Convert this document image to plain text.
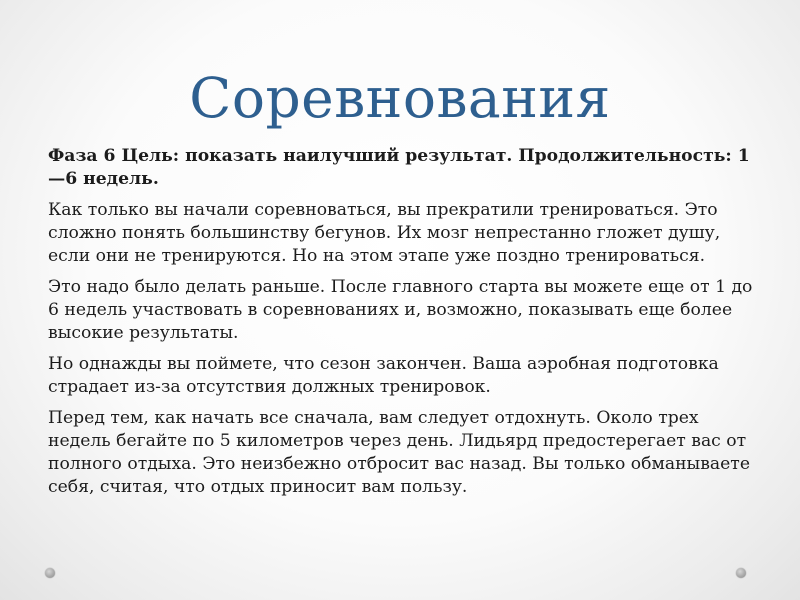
Соревнования

Фаза 6 Цель: показать наилучший результат. Продолжительность: 1—6 недель.

Как только вы начали соревноваться, вы прекратили тренироваться. Это сложно понять большинству бегунов. Их мозг непрестанно гложет душу, если они не тренируются. Но на этом этапе уже поздно тренироваться.

Это надо было делать раньше. После главного старта вы можете еще от 1 до 6 недель участвовать в соревнованиях и, возможно, показывать еще более высокие результаты.

Но однажды вы поймете, что сезон закончен. Ваша аэробная подготовка страдает из-за отсутствия должных тренировок.

Перед тем, как начать все сначала, вам следует отдохнуть. Около трех недель бегайте по 5 километров через день. Лидьярд предостерегает вас от полного отдыха. Это неизбежно отбросит вас назад. Вы только обманываете себя, считая, что отдых приносит вам пользу.
